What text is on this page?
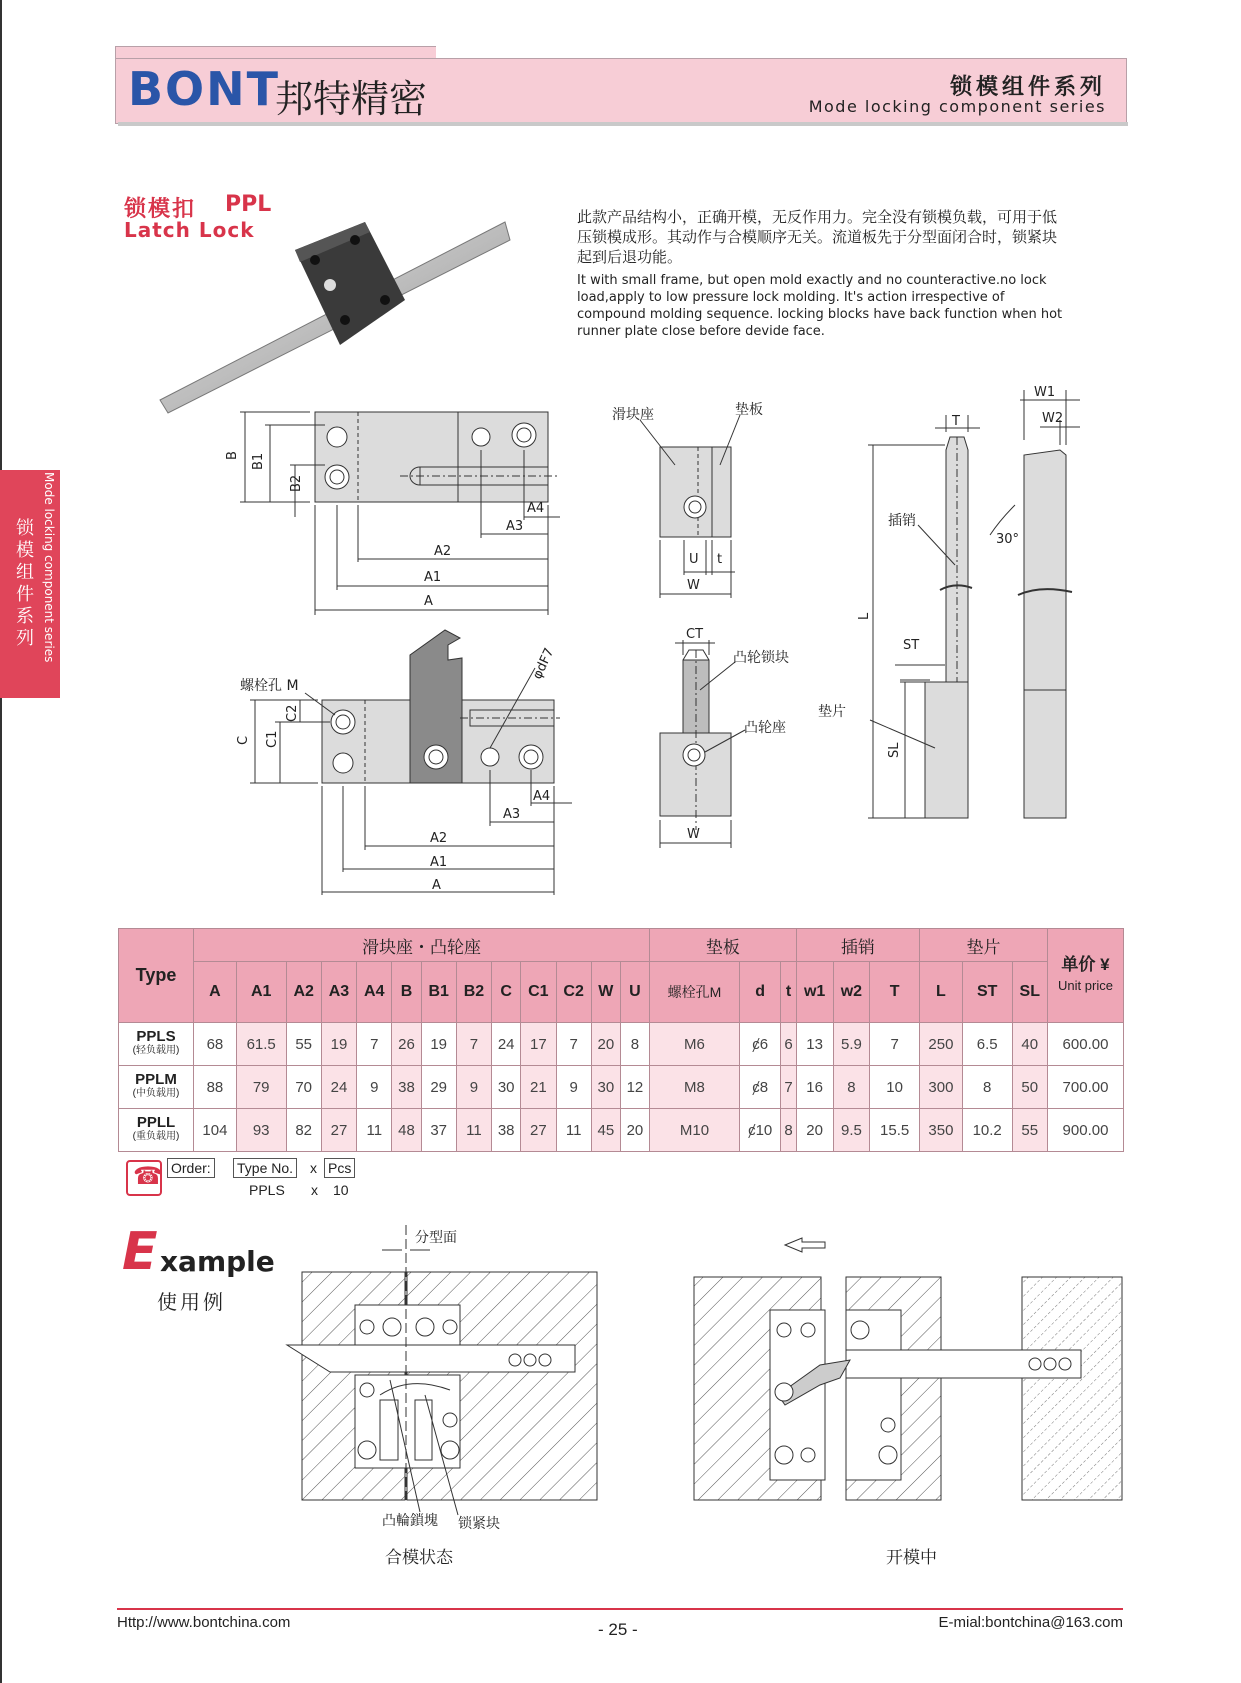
BONT
邦特精密	锁模组件系列
Mode locking component series
锁模组件系列 Mode locking component series
锁模扣 PPL
Latch Lock
此款产品结构小，正确开模，无反作用力。完全没有锁模负载，可用于低压锁模成形。其动作与合模顺序无关。流道板先于分型面闭合时，锁紧块起到后退功能。
It with small frame, but open mold exactly and no counteractive.no lock load,apply to low pressure lock molding. It's action irrespective of compound molding sequence. locking blocks have back function when hot runner plate close before devide face.
B B1
B2
A
A1
A2
A3
A4
螺栓孔 M
φdF7
C C1
C2
A
A1
A2
A3
A4
滑块座	垫板
U t
W
CT
凸轮锁块
凸轮座
W
T
W1
W2
插销
30°
L
ST
SL
垫片
分型面
凸輪鎖塊 锁紧块
Type	滑块座・凸轮座													垫板			插销			垫片			单价 ¥
Unit price
	A	A1	A2	A3	A4	B	B1	B2	C	C1	C2	W	U	螺栓孔M	d	t	w1	w2	T	L	ST	SL	
PPLS
(轻负载用)	68	61.5	55	19	7	26	19	7	24	17	7	20	8	M6	ȼ6	6	13	5.9	7	250	6.5	40	600.00
PPLM
(中负载用)	88	79	70	24	9	38	29	9	30	21	9	30	12	M8	ȼ8	7	16	8	10	300	8	50	700.00
PPLL
(重负载用)	104	93	82	27	11	48	37	11	38	27	11	45	20	M10	ȼ10	8	20	9.5	15.5	350	10.2	55	900.00
☎
Order: Type No. x Pcs
PPLS x 10
E xample
使用例
合模状态	开模中
Http://www.bontchina.com	- 25 -	E-mial:bontchina@163.com
